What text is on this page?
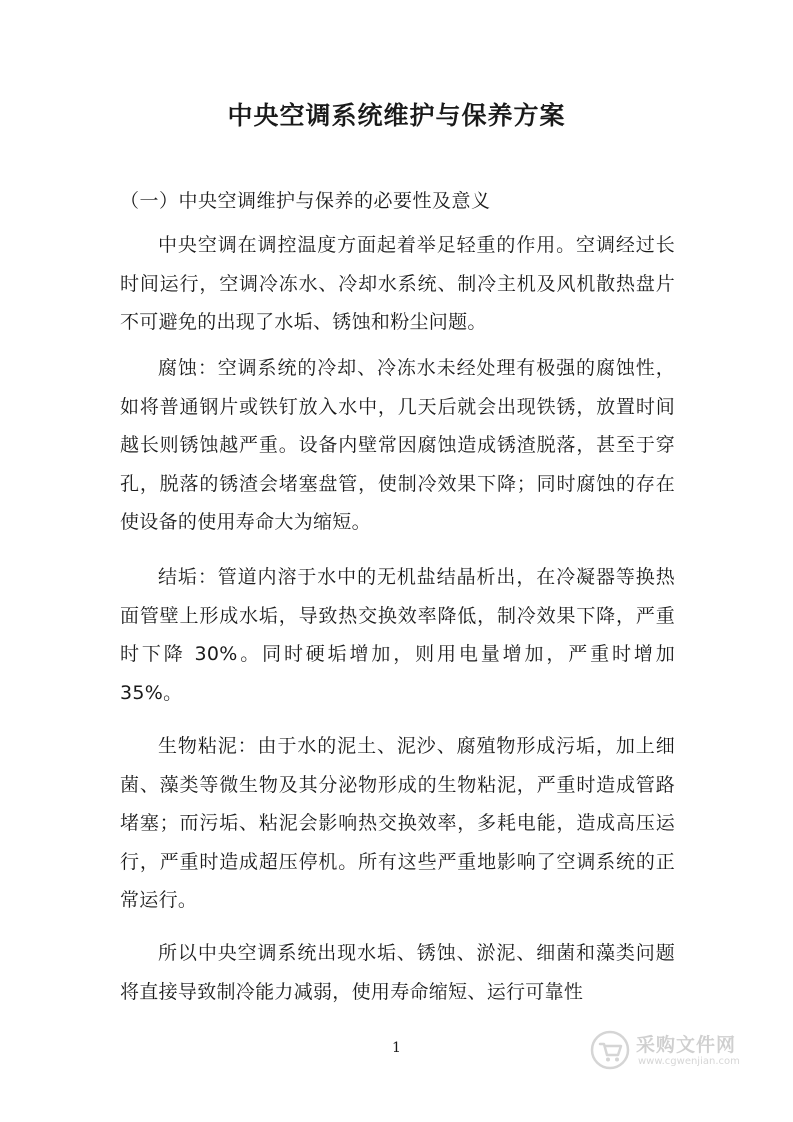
中央空调系统维护与保养方案
（一）中央空调维护与保养的必要性及意义

中央空调在调控温度方面起着举足轻重的作用。空调经过长时间运行，空调冷冻水、冷却水系统、制冷主机及风机散热盘片不可避免的出现了水垢、锈蚀和粉尘问题。

腐蚀：空调系统的冷却、冷冻水未经处理有极强的腐蚀性，如将普通钢片或铁钉放入水中，几天后就会出现铁锈，放置时间越长则锈蚀越严重。设备内壁常因腐蚀造成锈渣脱落，甚至于穿孔，脱落的锈渣会堵塞盘管，使制冷效果下降；同时腐蚀的存在使设备的使用寿命大为缩短。

结垢：管道内溶于水中的无机盐结晶析出，在冷凝器等换热面管壁上形成水垢，导致热交换效率降低，制冷效果下降，严重时下降 30%。同时硬垢增加，则用电量增加，严重时增加 35%。

生物粘泥：由于水的泥土、泥沙、腐殖物形成污垢，加上细菌、藻类等微生物及其分泌物形成的生物粘泥，严重时造成管路堵塞；而污垢、粘泥会影响热交换效率，多耗电能，造成高压运行，严重时造成超压停机。所有这些严重地影响了空调系统的正常运行。

所以中央空调系统出现水垢、锈蚀、淤泥、细菌和藻类问题将直接导致制冷能力减弱，使用寿命缩短、运行可靠性

1	采购文件网
www.cgwenjian.com
